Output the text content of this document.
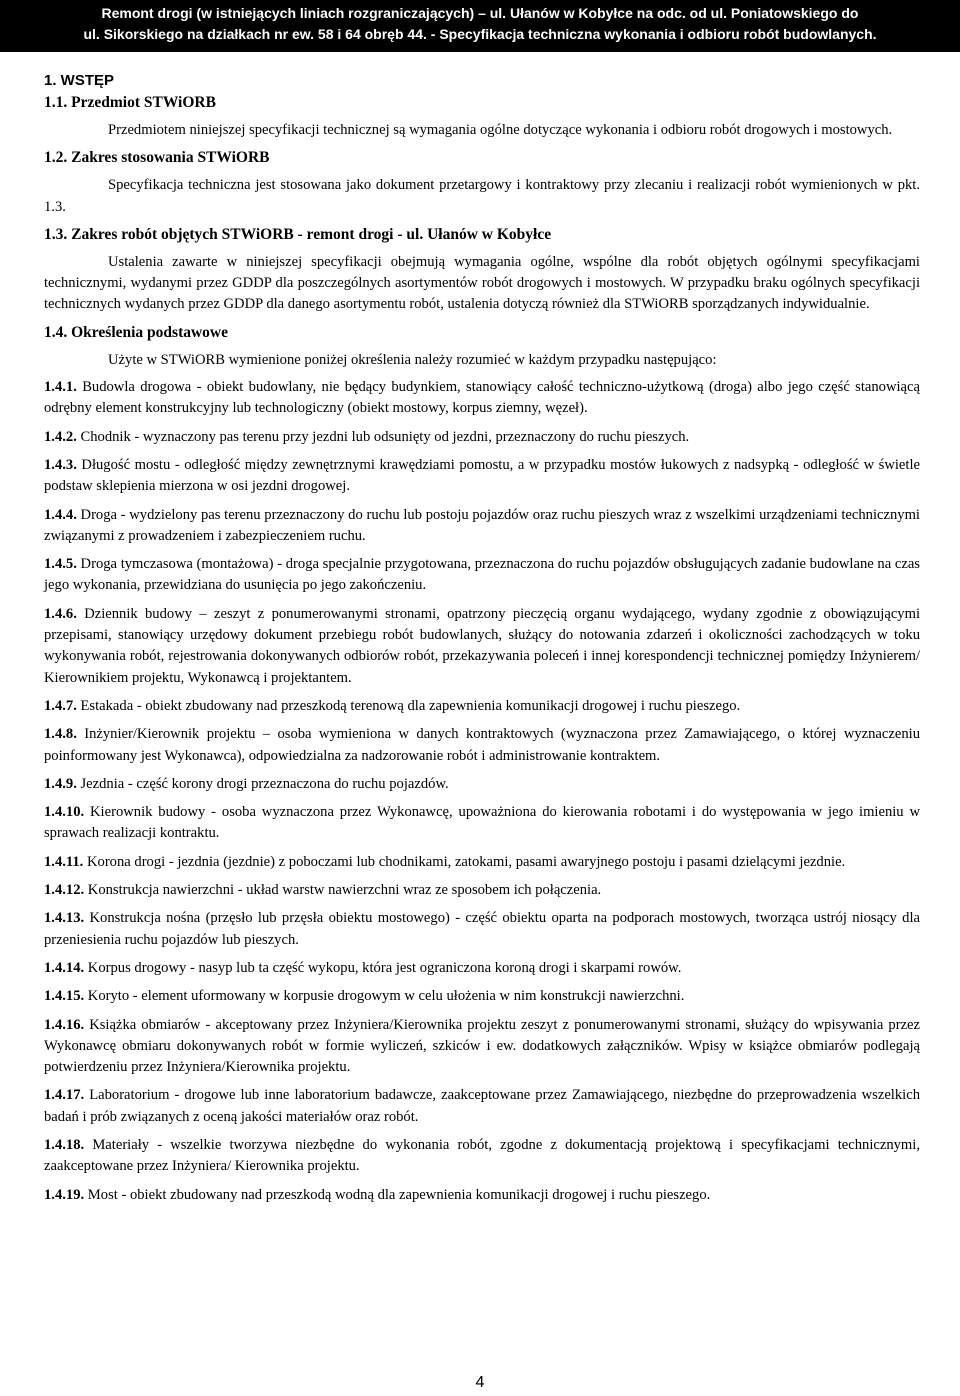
Remont drogi (w istniejących liniach rozgraniczających) – ul. Ułanów w Kobyłce na odc. od ul. Poniatowskiego do
ul. Sikorskiego na działkach nr ew. 58 i 64 obręb 44. - Specyfikacja techniczna wykonania i odbioru robót budowlanych.
1. WSTĘP
1.1. Przedmiot STWiORB

Przedmiotem niniejszej specyfikacji technicznej są wymagania ogólne dotyczące wykonania i odbioru robót drogowych i mostowych.

1.2. Zakres stosowania STWiORB

Specyfikacja techniczna jest stosowana jako dokument przetargowy i kontraktowy przy zlecaniu i realizacji robót wymienionych w pkt. 1.3.

1.3. Zakres robót objętych STWiORB - remont drogi - ul. Ułanów w Kobyłce

Ustalenia zawarte w niniejszej specyfikacji obejmują wymagania ogólne, wspólne dla robót objętych ogólnymi specyfikacjami technicznymi, wydanymi przez GDDP dla poszczególnych asortymentów robót drogowych i mostowych. W przypadku braku ogólnych specyfikacji technicznych wydanych przez GDDP dla danego asortymentu robót, ustalenia dotyczą również dla STWiORB sporządzanych indywidualnie.

1.4. Określenia podstawowe

Użyte w STWiORB wymienione poniżej określenia należy rozumieć w każdym przypadku następująco:

1.4.1. Budowla drogowa - obiekt budowlany, nie będący budynkiem, stanowiący całość techniczno-użytkową (droga) albo jego część stanowiącą odrębny element konstrukcyjny lub technologiczny (obiekt mostowy, korpus ziemny, węzeł).

1.4.2. Chodnik - wyznaczony pas terenu przy jezdni lub odsunięty od jezdni, przeznaczony do ruchu pieszych.

1.4.3. Długość mostu - odległość między zewnętrznymi krawędziami pomostu, a w przypadku mostów łukowych z nadsypką - odległość w świetle podstaw sklepienia mierzona w osi jezdni drogowej.

1.4.4. Droga - wydzielony pas terenu przeznaczony do ruchu lub postoju pojazdów oraz ruchu pieszych wraz z wszelkimi urządzeniami technicznymi związanymi z prowadzeniem i zabezpieczeniem ruchu.

1.4.5. Droga tymczasowa (montażowa) - droga specjalnie przygotowana, przeznaczona do ruchu pojazdów obsługujących zadanie budowlane na czas jego wykonania, przewidziana do usunięcia po jego zakończeniu.

1.4.6. Dziennik budowy – zeszyt z ponumerowanymi stronami, opatrzony pieczęcią organu wydającego, wydany zgodnie z obowiązującymi przepisami, stanowiący urzędowy dokument przebiegu robót budowlanych, służący do notowania zdarzeń i okoliczności zachodzących w toku wykonywania robót, rejestrowania dokonywanych odbiorów robót, przekazywania poleceń i innej korespondencji technicznej pomiędzy Inżynierem/ Kierownikiem projektu, Wykonawcą i projektantem.

1.4.7. Estakada - obiekt zbudowany nad przeszkodą terenową dla zapewnienia komunikacji drogowej i ruchu pieszego.

1.4.8. Inżynier/Kierownik projektu – osoba wymieniona w danych kontraktowych (wyznaczona przez Zamawiającego, o której wyznaczeniu poinformowany jest Wykonawca), odpowiedzialna za nadzorowanie robót i administrowanie kontraktem.

1.4.9. Jezdnia - część korony drogi przeznaczona do ruchu pojazdów.

1.4.10. Kierownik budowy - osoba wyznaczona przez Wykonawcę, upoważniona do kierowania robotami i do występowania w jego imieniu w sprawach realizacji kontraktu.

1.4.11. Korona drogi - jezdnia (jezdnie) z poboczami lub chodnikami, zatokami, pasami awaryjnego postoju i pasami dzielącymi jezdnie.

1.4.12. Konstrukcja nawierzchni - układ warstw nawierzchni wraz ze sposobem ich połączenia.

1.4.13. Konstrukcja nośna (przęsło lub przęsła obiektu mostowego) - część obiektu oparta na podporach mostowych, tworząca ustrój niosący dla przeniesienia ruchu pojazdów lub pieszych.

1.4.14. Korpus drogowy - nasyp lub ta część wykopu, która jest ograniczona koroną drogi i skarpami rowów.

1.4.15. Koryto - element uformowany w korpusie drogowym w celu ułożenia w nim konstrukcji nawierzchni.

1.4.16. Książka obmiarów - akceptowany przez Inżyniera/Kierownika projektu zeszyt z ponumerowanymi stronami, służący do wpisywania przez Wykonawcę obmiaru dokonywanych robót w formie wyliczeń, szkiców i ew. dodatkowych załączników. Wpisy w książce obmiarów podlegają potwierdzeniu przez Inżyniera/Kierownika projektu.

1.4.17. Laboratorium - drogowe lub inne laboratorium badawcze, zaakceptowane przez Zamawiającego, niezbędne do przeprowadzenia wszelkich badań i prób związanych z oceną jakości materiałów oraz robót.

1.4.18. Materiały - wszelkie tworzywa niezbędne do wykonania robót, zgodne z dokumentacją projektową i specyfikacjami technicznymi, zaakceptowane przez Inżyniera/ Kierownika projektu.

1.4.19. Most - obiekt zbudowany nad przeszkodą wodną dla zapewnienia komunikacji drogowej i ruchu pieszego.

4
